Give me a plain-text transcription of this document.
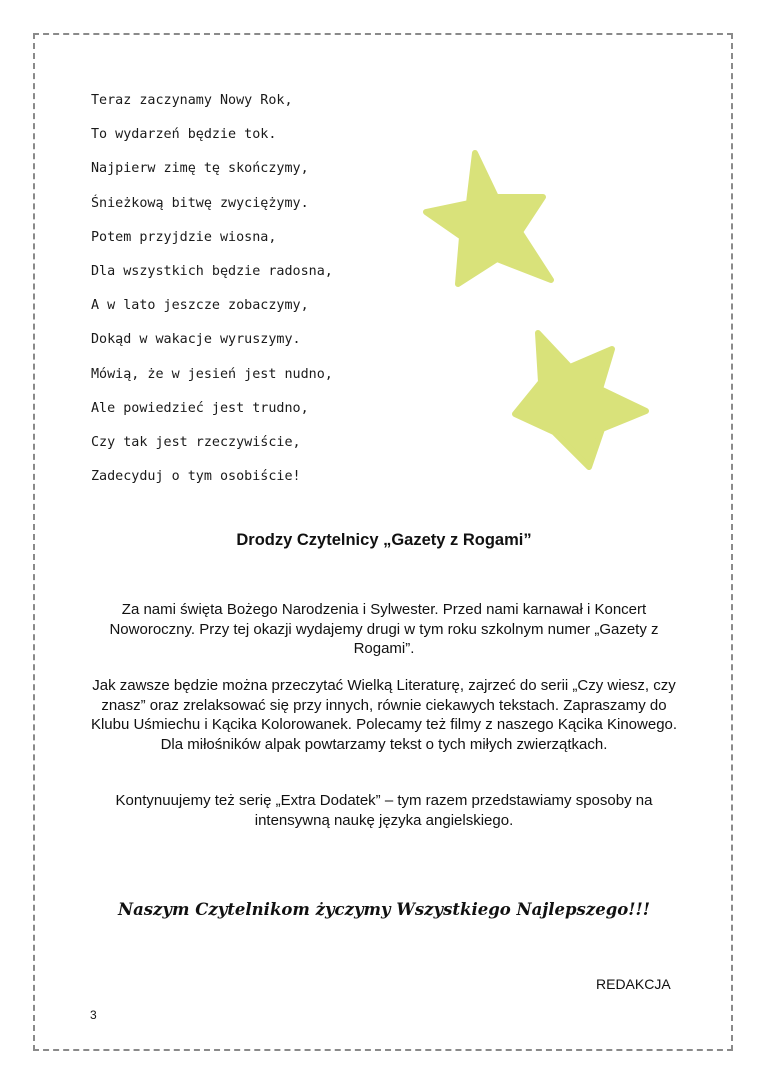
Teraz zaczynamy Nowy Rok,
To wydarzeń będzie tok.
Najpierw zimę tę skończymy,
Śnieżkową bitwę zwyciężymy.
Potem przyjdzie wiosna,
Dla wszystkich będzie radosna,
A w lato jeszcze zobaczymy,
Dokąd w wakacje wyruszymy.
Mówią, że w jesień jest nudno,
Ale powiedzieć jest trudno,
Czy tak jest rzeczywiście,
Zadecyduj o tym osobiście!
Drodzy Czytelnicy „Gazety z Rogami”

Za nami święta Bożego Narodzenia i Sylwester. Przed nami karnawał i Koncert Noworoczny. Przy tej okazji wydajemy drugi w tym roku szkolnym numer „Gazety z Rogami”.

Jak zawsze będzie można przeczytać Wielką Literaturę, zajrzeć do serii „Czy wiesz, czy znasz” oraz zrelaksować się przy innych, równie ciekawych tekstach. Zapraszamy do Klubu Uśmiechu i Kącika Kolorowanek. Polecamy też filmy z naszego Kącika Kinowego. Dla miłośników alpak powtarzamy tekst o tych miłych zwierzątkach.

Kontynuujemy też serię „Extra Dodatek” – tym razem przedstawiamy sposoby na intensywną naukę języka angielskiego.

Naszym Czytelnikom życzymy Wszystkiego Najlepszego!!!
REDAKCJA
3
